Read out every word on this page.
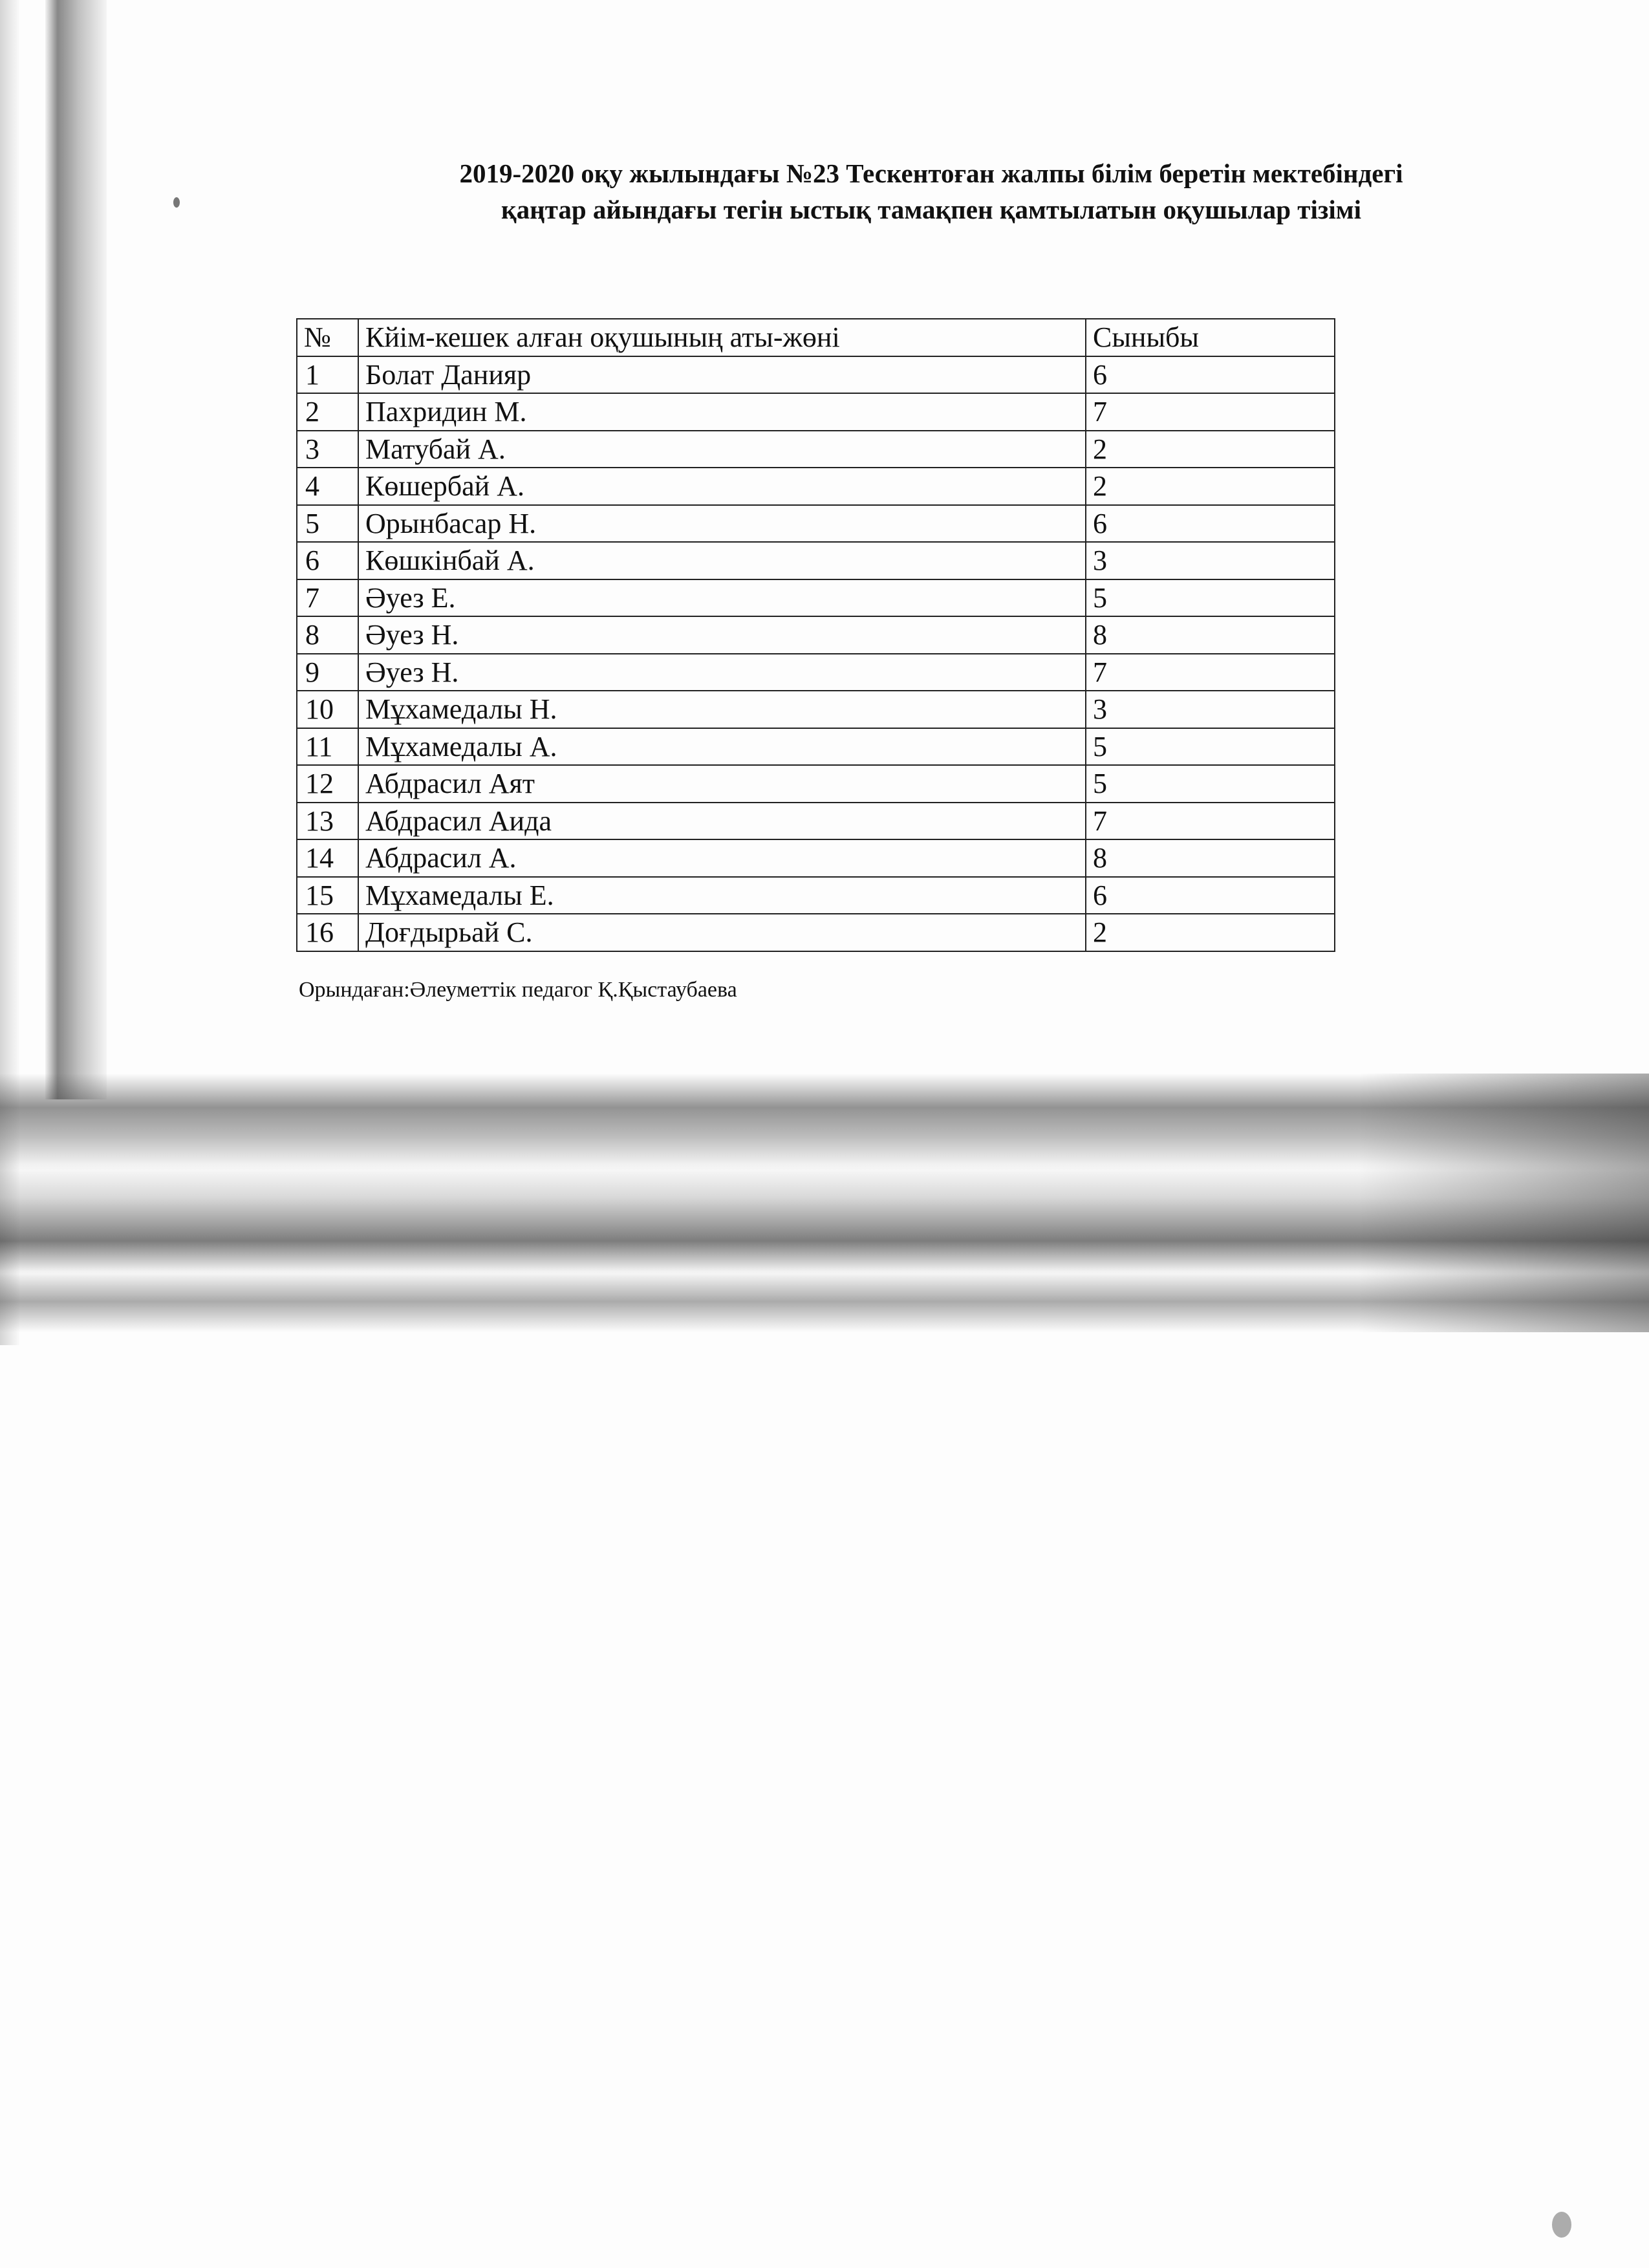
2019-2020 оқу жылындағы №23 Тескентоған жалпы білім беретін мектебіндегі
қаңтар айындағы тегін ыстық тамақпен қамтылатын оқушылар тізімі
№	Кйім-кешек алған оқушының аты-жөні	Сыныбы
1	Болат Данияр	6
2	Пахридин М.	7
3	Матубай А.	2
4	Көшербай А.	2
5	Орынбасар Н.	6
6	Көшкінбай А.	3
7	Әуез Е.	5
8	Әуез Н.	8
9	Әуез Н.	7
10	Мұхамедалы Н.	3
11	Мұхамедалы А.	5
12	Абдрасил Аят	5
13	Абдрасил Аида	7
14	Абдрасил А.	8
15	Мұхамедалы Е.	6
16	Доғдырьай С.	2
Орындаған:Әлеуметтік педагог Қ.Қыстаубаева
